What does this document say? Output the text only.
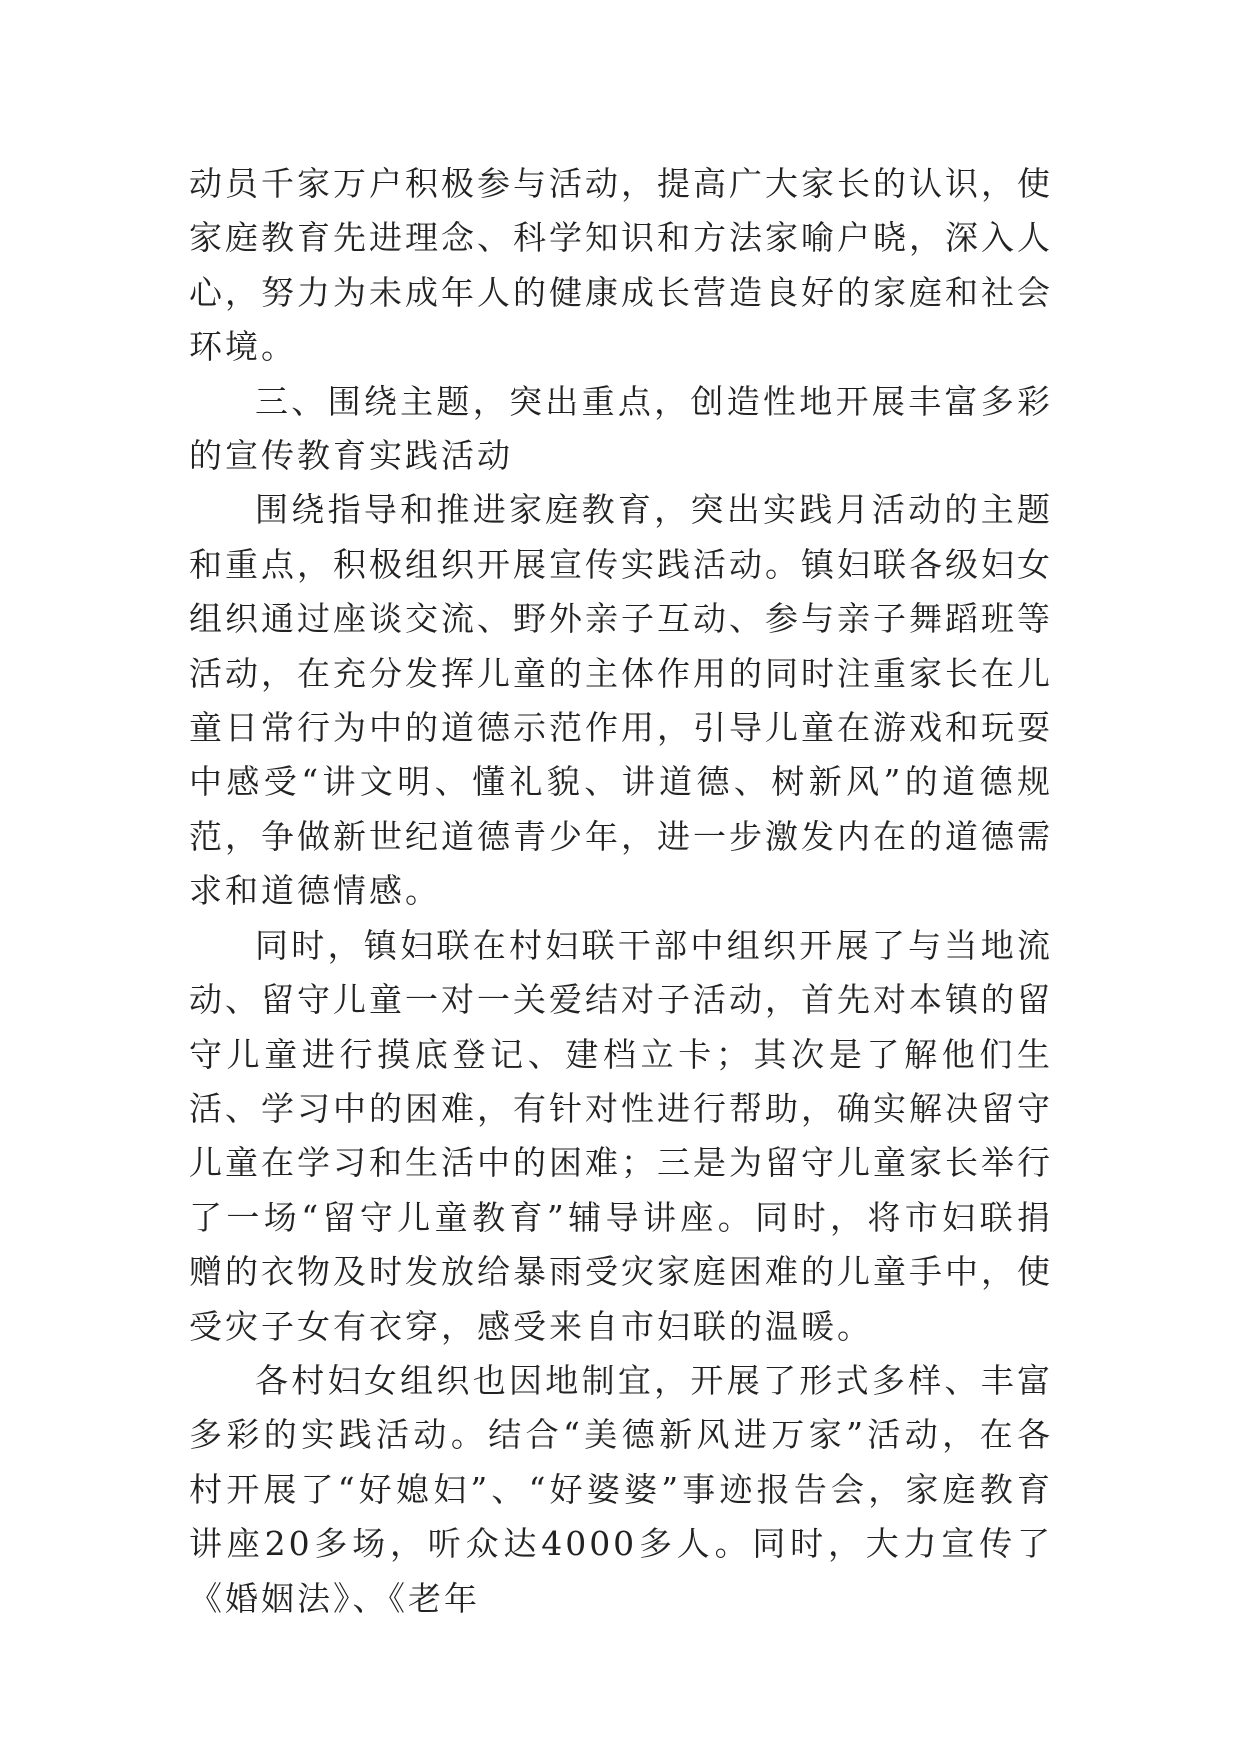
动员千家万户积极参与活动，提高广大家长的认识，使家庭教育先进理念、科学知识和方法家喻户晓，深入人心，努力为未成年人的健康成长营造良好的家庭和社会环境。

三、围绕主题，突出重点，创造性地开展丰富多彩的宣传教育实践活动

围绕指导和推进家庭教育，突出实践月活动的主题和重点，积极组织开展宣传实践活动。镇妇联各级妇女组织通过座谈交流、野外亲子互动、参与亲子舞蹈班等活动，在充分发挥儿童的主体作用的同时注重家长在儿童日常行为中的道德示范作用，引导儿童在游戏和玩耍中感受“讲文明、懂礼貌、讲道德、树新风”的道德规范，争做新世纪道德青少年，进一步激发内在的道德需求和道德情感。

同时，镇妇联在村妇联干部中组织开展了与当地流动、留守儿童一对一关爱结对子活动，首先对本镇的留守儿童进行摸底登记、建档立卡；其次是了解他们生活、学习中的困难，有针对性进行帮助，确实解决留守儿童在学习和生活中的困难；三是为留守儿童家长举行了一场“留守儿童教育”辅导讲座。同时，将市妇联捐赠的衣物及时发放给暴雨受灾家庭困难的儿童手中，使受灾子女有衣穿，感受来自市妇联的温暖。

各村妇女组织也因地制宜，开展了形式多样、丰富多彩的实践活动。结合“美德新风进万家”活动，在各村开展了“好媳妇”、“好婆婆”事迹报告会，家庭教育讲座20多场，听众达4000多人。同时，大力宣传了《婚姻法》、《老年
